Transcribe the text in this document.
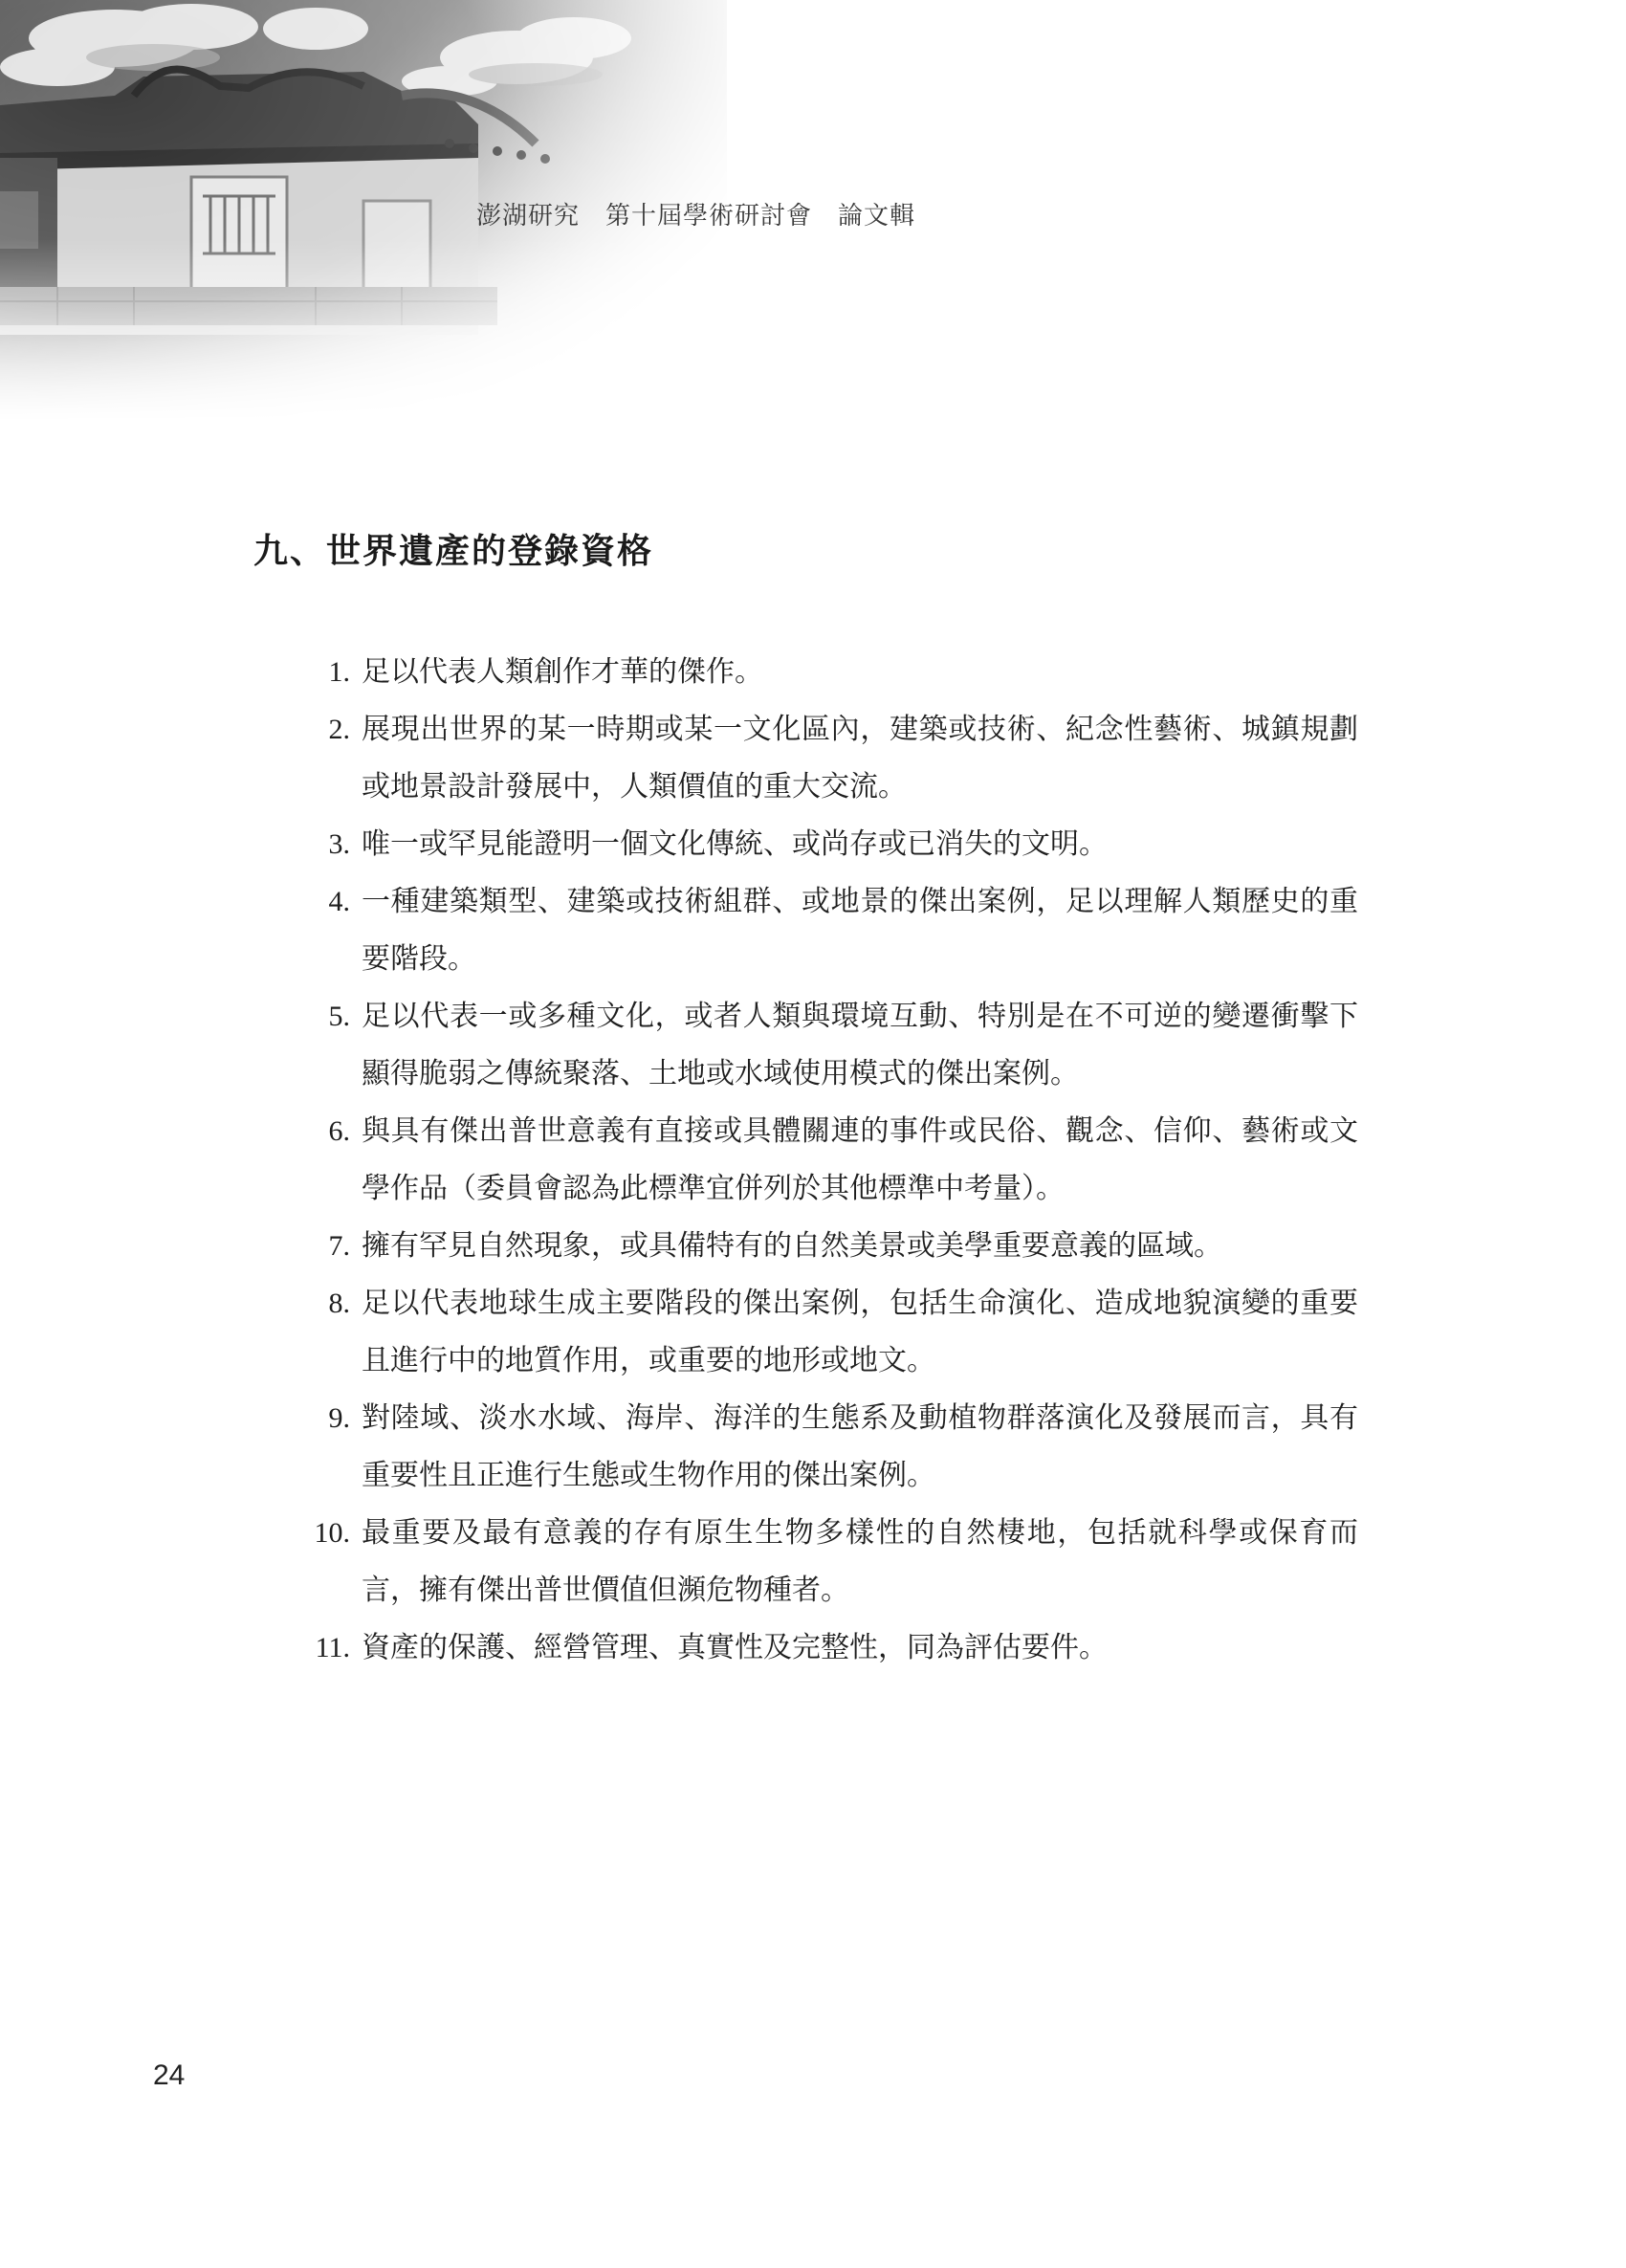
澎湖研究　第十屆學術研討會　論文輯
九、世界遺產的登錄資格
1. 足以代表人類創作才華的傑作。
2. 展現出世界的某一時期或某一文化區內，建築或技術、紀念性藝術、城鎮規劃或地景設計發展中，人類價值的重大交流。
3. 唯一或罕見能證明一個文化傳統、或尚存或已消失的文明。
4. 一種建築類型、建築或技術組群、或地景的傑出案例，足以理解人類歷史的重要階段。
5. 足以代表一或多種文化，或者人類與環境互動、特別是在不可逆的變遷衝擊下顯得脆弱之傳統聚落、土地或水域使用模式的傑出案例。
6. 與具有傑出普世意義有直接或具體關連的事件或民俗、觀念、信仰、藝術或文學作品（委員會認為此標準宜併列於其他標準中考量）。
7. 擁有罕見自然現象，或具備特有的自然美景或美學重要意義的區域。
8. 足以代表地球生成主要階段的傑出案例，包括生命演化、造成地貌演變的重要且進行中的地質作用，或重要的地形或地文。
9. 對陸域、淡水水域、海岸、海洋的生態系及動植物群落演化及發展而言，具有重要性且正進行生態或生物作用的傑出案例。
10. 最重要及最有意義的存有原生生物多樣性的自然棲地，包括就科學或保育而言，擁有傑出普世價值但瀕危物種者。
11. 資產的保護、經營管理、真實性及完整性，同為評估要件。
24
